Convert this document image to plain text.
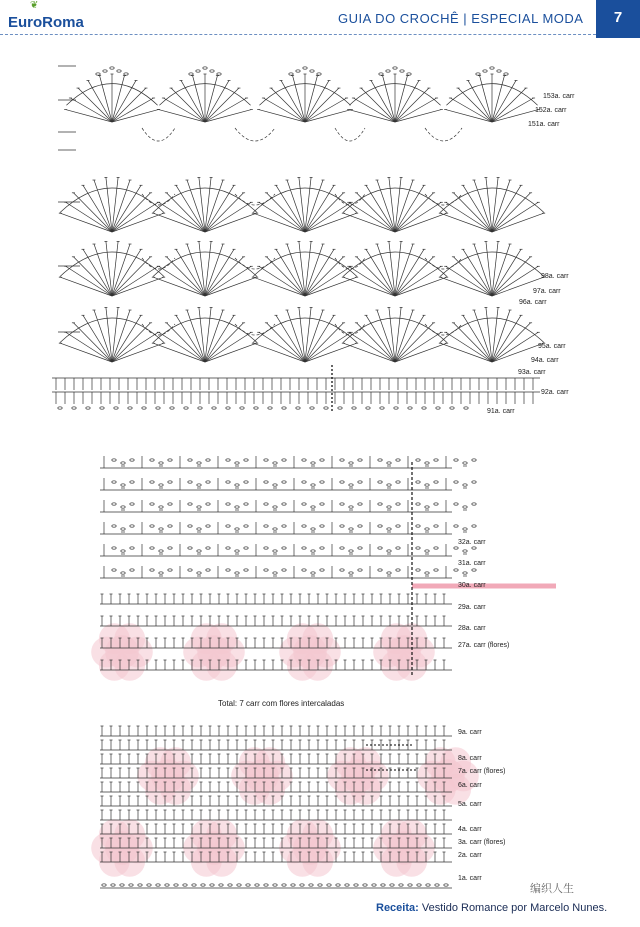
❦
EuroRoma	GUIA DO CROCHÊ | ESPECIAL MODA	7
153a. carr
152a. carr
151a. carr
98a. carr
97a. carr
96a. carr
95a. carr
94a. carr
93a. carr
92a. carr
91a. carr
32a. carr
31a. carr
30a. carr
29a. carr
28a. carr
27a. carr (flores)
Total: 7 carr com flores intercaladas
9a. carr
8a. carr
7a. carr (flores)
6a. carr
5a. carr
4a. carr
3a. carr (flores)
2a. carr
1a. carr
编织人生
Receita: Vestido Romance por Marcelo Nunes.
